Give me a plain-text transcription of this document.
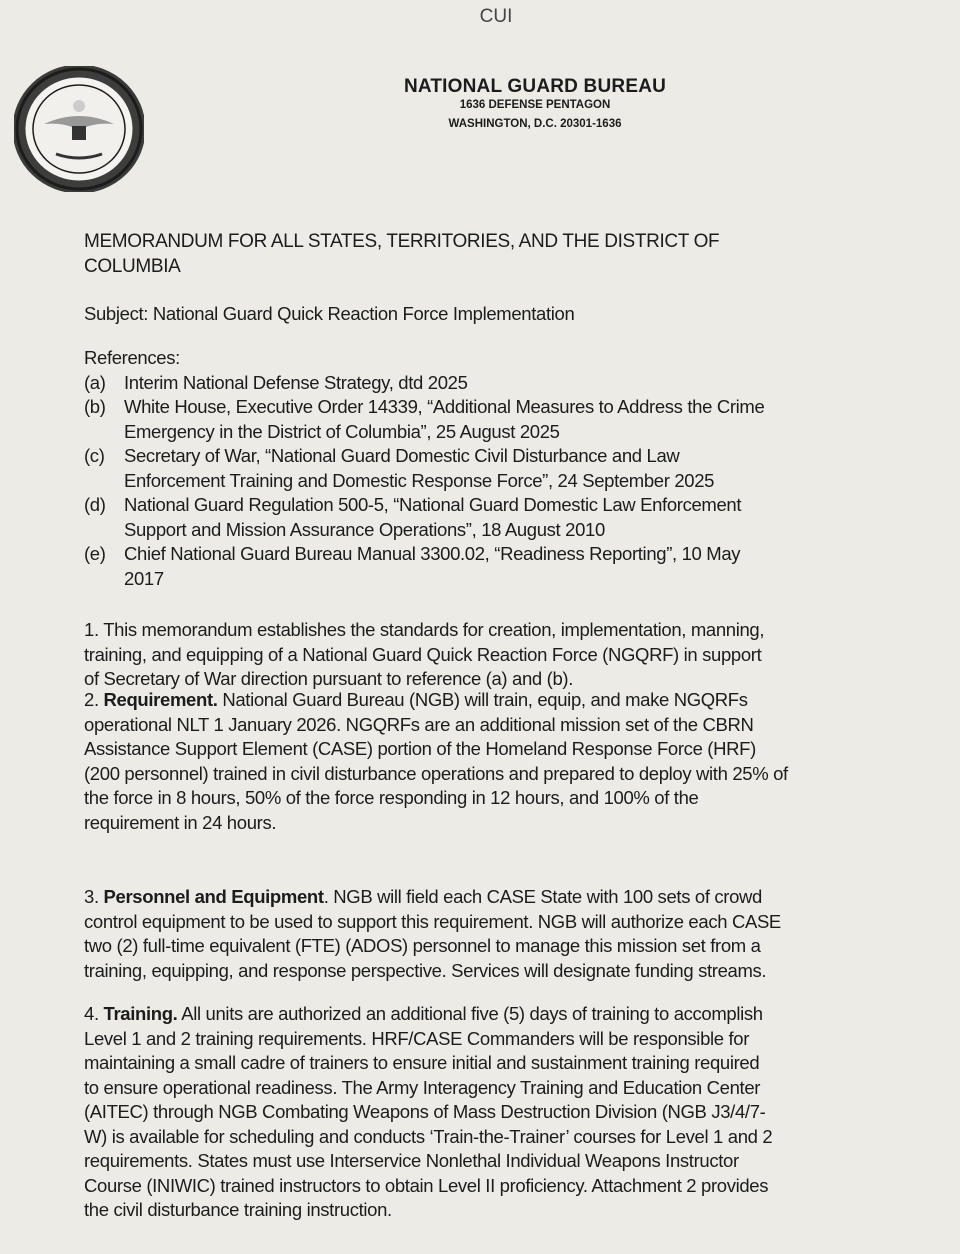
CUI
NATIONAL GUARD BUREAU
1636 DEFENSE PENTAGON
WASHINGTON, D.C. 20301-1636
MEMORANDUM FOR ALL STATES, TERRITORIES, AND THE DISTRICT OF
COLUMBIA
Subject: National Guard Quick Reaction Force Implementation
References:
(a) Interim National Defense Strategy, dtd 2025
(b) White House, Executive Order 14339, “Additional Measures to Address the Crime
Emergency in the District of Columbia”, 25 August 2025
(c)	Secretary of War, “National Guard Domestic Civil Disturbance and Law
Enforcement Training and Domestic Response Force”, 24 September 2025
(d) National Guard Regulation 500-5, “National Guard Domestic Law Enforcement
Support and Mission Assurance Operations”, 18 August 2010
(e) Chief National Guard Bureau Manual 3300.02, “Readiness Reporting”, 10 May
2017
1. This memorandum establishes the standards for creation, implementation, manning,
training, and equipping of a National Guard Quick Reaction Force (NGQRF) in support
of Secretary of War direction pursuant to reference (a) and (b).
2. Requirement. National Guard Bureau (NGB) will train, equip, and make NGQRFs
operational NLT 1 January 2026. NGQRFs are an additional mission set of the CBRN
Assistance Support Element (CASE) portion of the Homeland Response Force (HRF)
(200 personnel) trained in civil disturbance operations and prepared to deploy with 25% of
the force in 8 hours, 50% of the force responding in 12 hours, and 100% of the
requirement in 24 hours.
3. Personnel and Equipment. NGB will field each CASE State with 100 sets of crowd
control equipment to be used to support this requirement. NGB will authorize each CASE
two (2) full-time equivalent (FTE) (ADOS) personnel to manage this mission set from a
training, equipping, and response perspective. Services will designate funding streams.
4. Training. All units are authorized an additional five (5) days of training to accomplish
Level 1 and 2 training requirements. HRF/CASE Commanders will be responsible for
maintaining a small cadre of trainers to ensure initial and sustainment training required
to ensure operational readiness. The Army Interagency Training and Education Center
(AITEC) through NGB Combating Weapons of Mass Destruction Division (NGB J3/4/7-
W) is available for scheduling and conducts ‘Train-the-Trainer’ courses for Level 1 and 2
requirements. States must use Interservice Nonlethal Individual Weapons Instructor
Course (INIWIC) trained instructors to obtain Level II proficiency. Attachment 2 provides
the civil disturbance training instruction.
